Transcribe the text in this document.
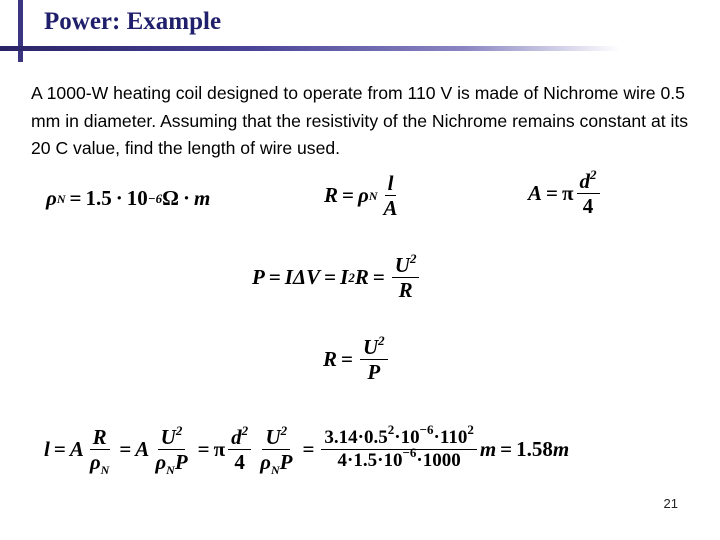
Power: Example

A 1000-W heating coil designed to operate from 110 V is made of Nichrome wire 0.5 mm in diameter. Assuming that the resistivity of the Nichrome remains constant at its 20 C value, find the length of wire used.

ρ N = 1.5 · 10 −6 Ω · m	R = ρ N $\frac{l}{A}$	A = π $\frac{d^2}{4}$
P = IΔV = I 2 $R = \frac{U^2}{R}$
$R = \frac{U^2}{P}$
l = A $\frac{R}{\rho_N} = A \frac{U^2}{\rho_NP} = \pi \frac{d^2}{4} \frac{U^2}{\rho_NP} = \frac{3.14\cdot 0.5^2\cdot 10^{-6}\cdot 110^2}{4\cdot 1.5\cdot 10^{-6}\cdot 1000}$ m = 1.58 m
21
